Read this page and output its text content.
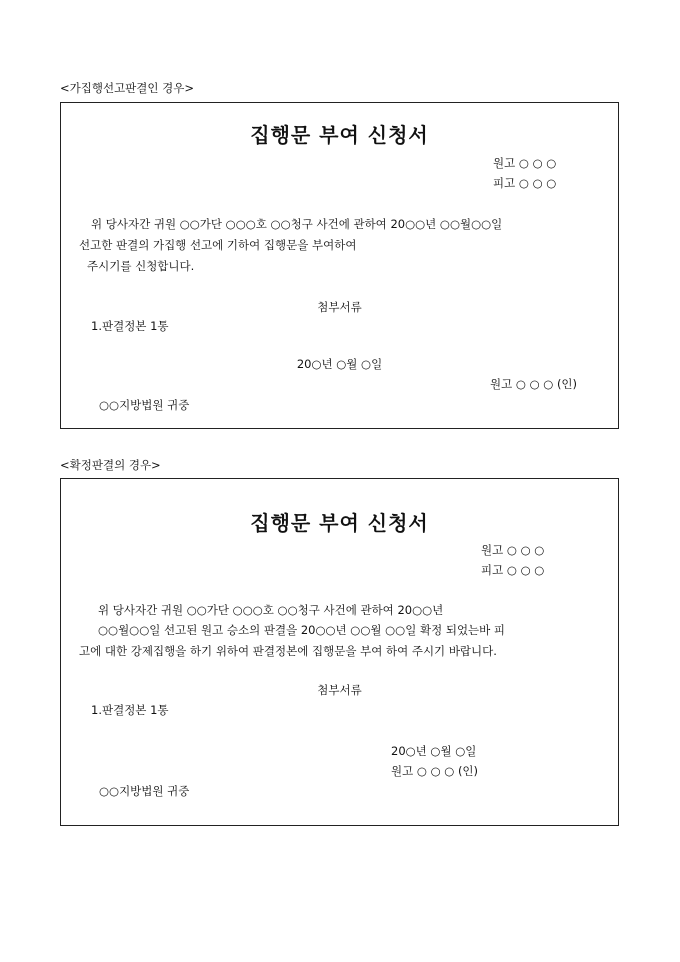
<가집행선고판결인 경우>
집행문 부여 신청서
원고 ○ ○ ○
피고 ○ ○ ○
위 당사자간 귀원 ○○가단 ○○○호 ○○청구 사건에 관하여 20○○년 ○○월○○일
선고한 판결의 가집행 선고에 기하여 집행문을 부여하여
주시기를 신청합니다.
첨부서류
1.판결정본 1통
20○년 ○월 ○일
원고 ○ ○ ○ (인)
○○지방법원 귀중
<확정판결의 경우>
집행문 부여 신청서
원고 ○ ○ ○
피고 ○ ○ ○
위 당사자간 귀원 ○○가단 ○○○호 ○○청구 사건에 관하여 20○○년
○○월○○일 선고된 원고 승소의 판결을 20○○년 ○○월 ○○일 확정 되었는바 피
고에 대한 강제집행을 하기 위하여 판결정본에 집행문을 부여 하여 주시기 바랍니다.
첨부서류
1.판결정본 1통
20○년 ○월 ○일
원고 ○ ○ ○ (인)
○○지방법원 귀중
